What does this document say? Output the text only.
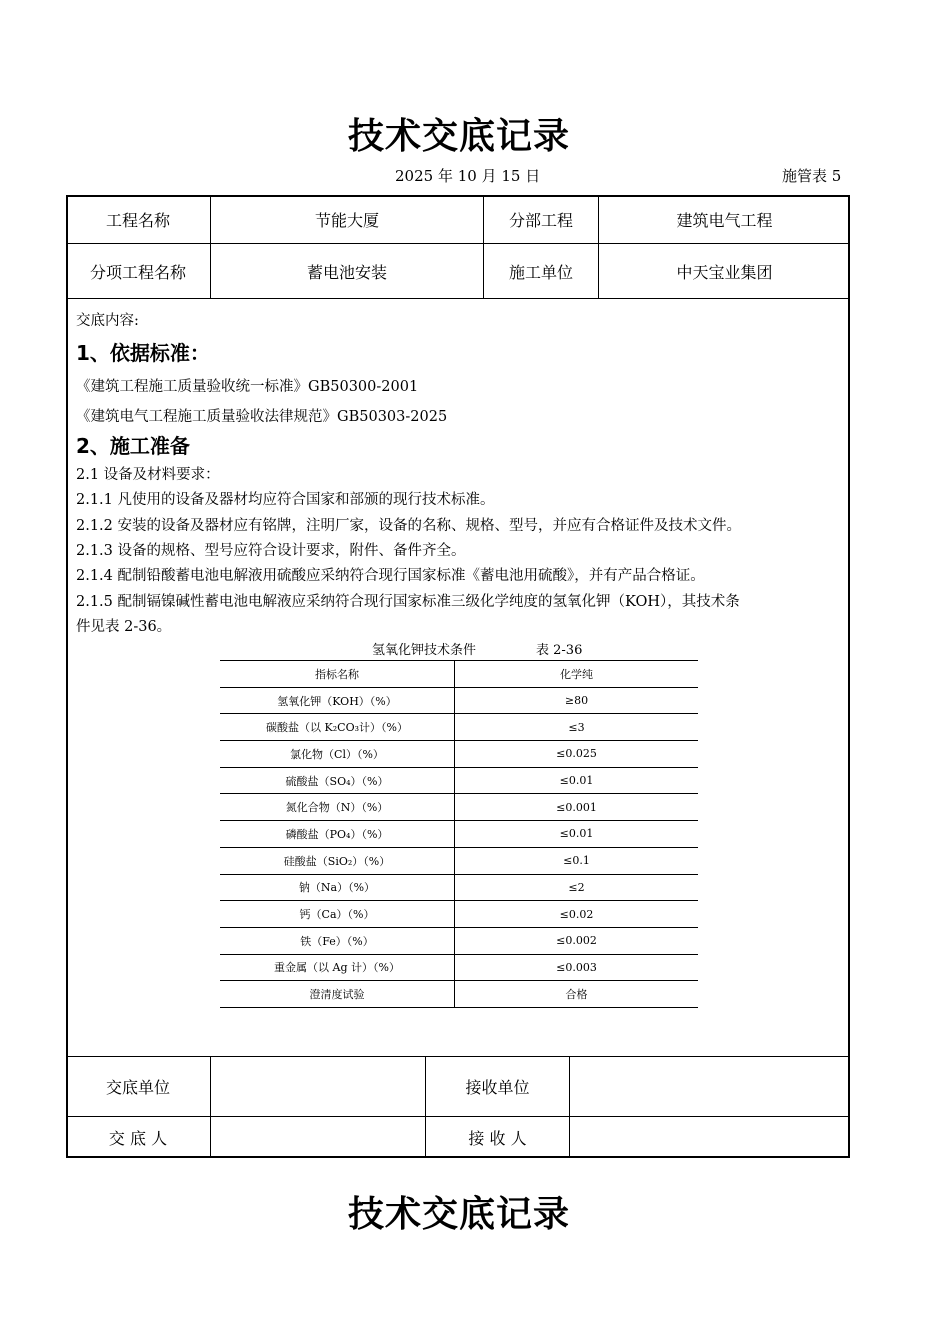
技术交底记录
2025 年 10 月 15 日	施管表 5
工程名称	节能大厦	分部工程	建筑电气工程
分项工程名称	蓄电池安装	施工单位	中天宝业集团
交底内容:
1、依据标准：
《建筑工程施工质量验收统一标准》GB50300-2001
《建筑电气工程施工质量验收法律规范》GB50303-2025
2、施工准备
2.1 设备及材料要求：
2.1.1 凡使用的设备及器材均应符合国家和部颁的现行技术标准。
2.1.2 安装的设备及器材应有铭牌，注明厂家，设备的名称、规格、型号，并应有合格证件及技术文件。
2.1.3 设备的规格、型号应符合设计要求，附件、备件齐全。
2.1.4 配制铅酸蓄电池电解液用硫酸应采纳符合现行国家标准《蓄电池用硫酸》，并有产品合格证。
2.1.5 配制镉镍碱性蓄电池电解液应采纳符合现行国家标准三级化学纯度的氢氧化钾（KOH），其技术条
件见表 2-36。
氢氧化钾技术条件	表 2-36
指标名称	化学纯
氢氧化钾（KOH）（%）	≥80
碳酸盐（以 K₂CO₃计）（%）	≤3
氯化物（Cl）（%）	≤0.025
硫酸盐（SO₄）（%）	≤0.01
氮化合物（N）（%）	≤0.001
磷酸盐（PO₄）（%）	≤0.01
硅酸盐（SiO₂）（%）	≤0.1
钠（Na）（%）	≤2
钙（Ca）（%）	≤0.02
铁（Fe）（%）	≤0.002
重金属（以 Ag 计）（%）	≤0.003
澄清度试验	合格
交底单位	接收单位
交 底 人	接 收 人
技术交底记录
